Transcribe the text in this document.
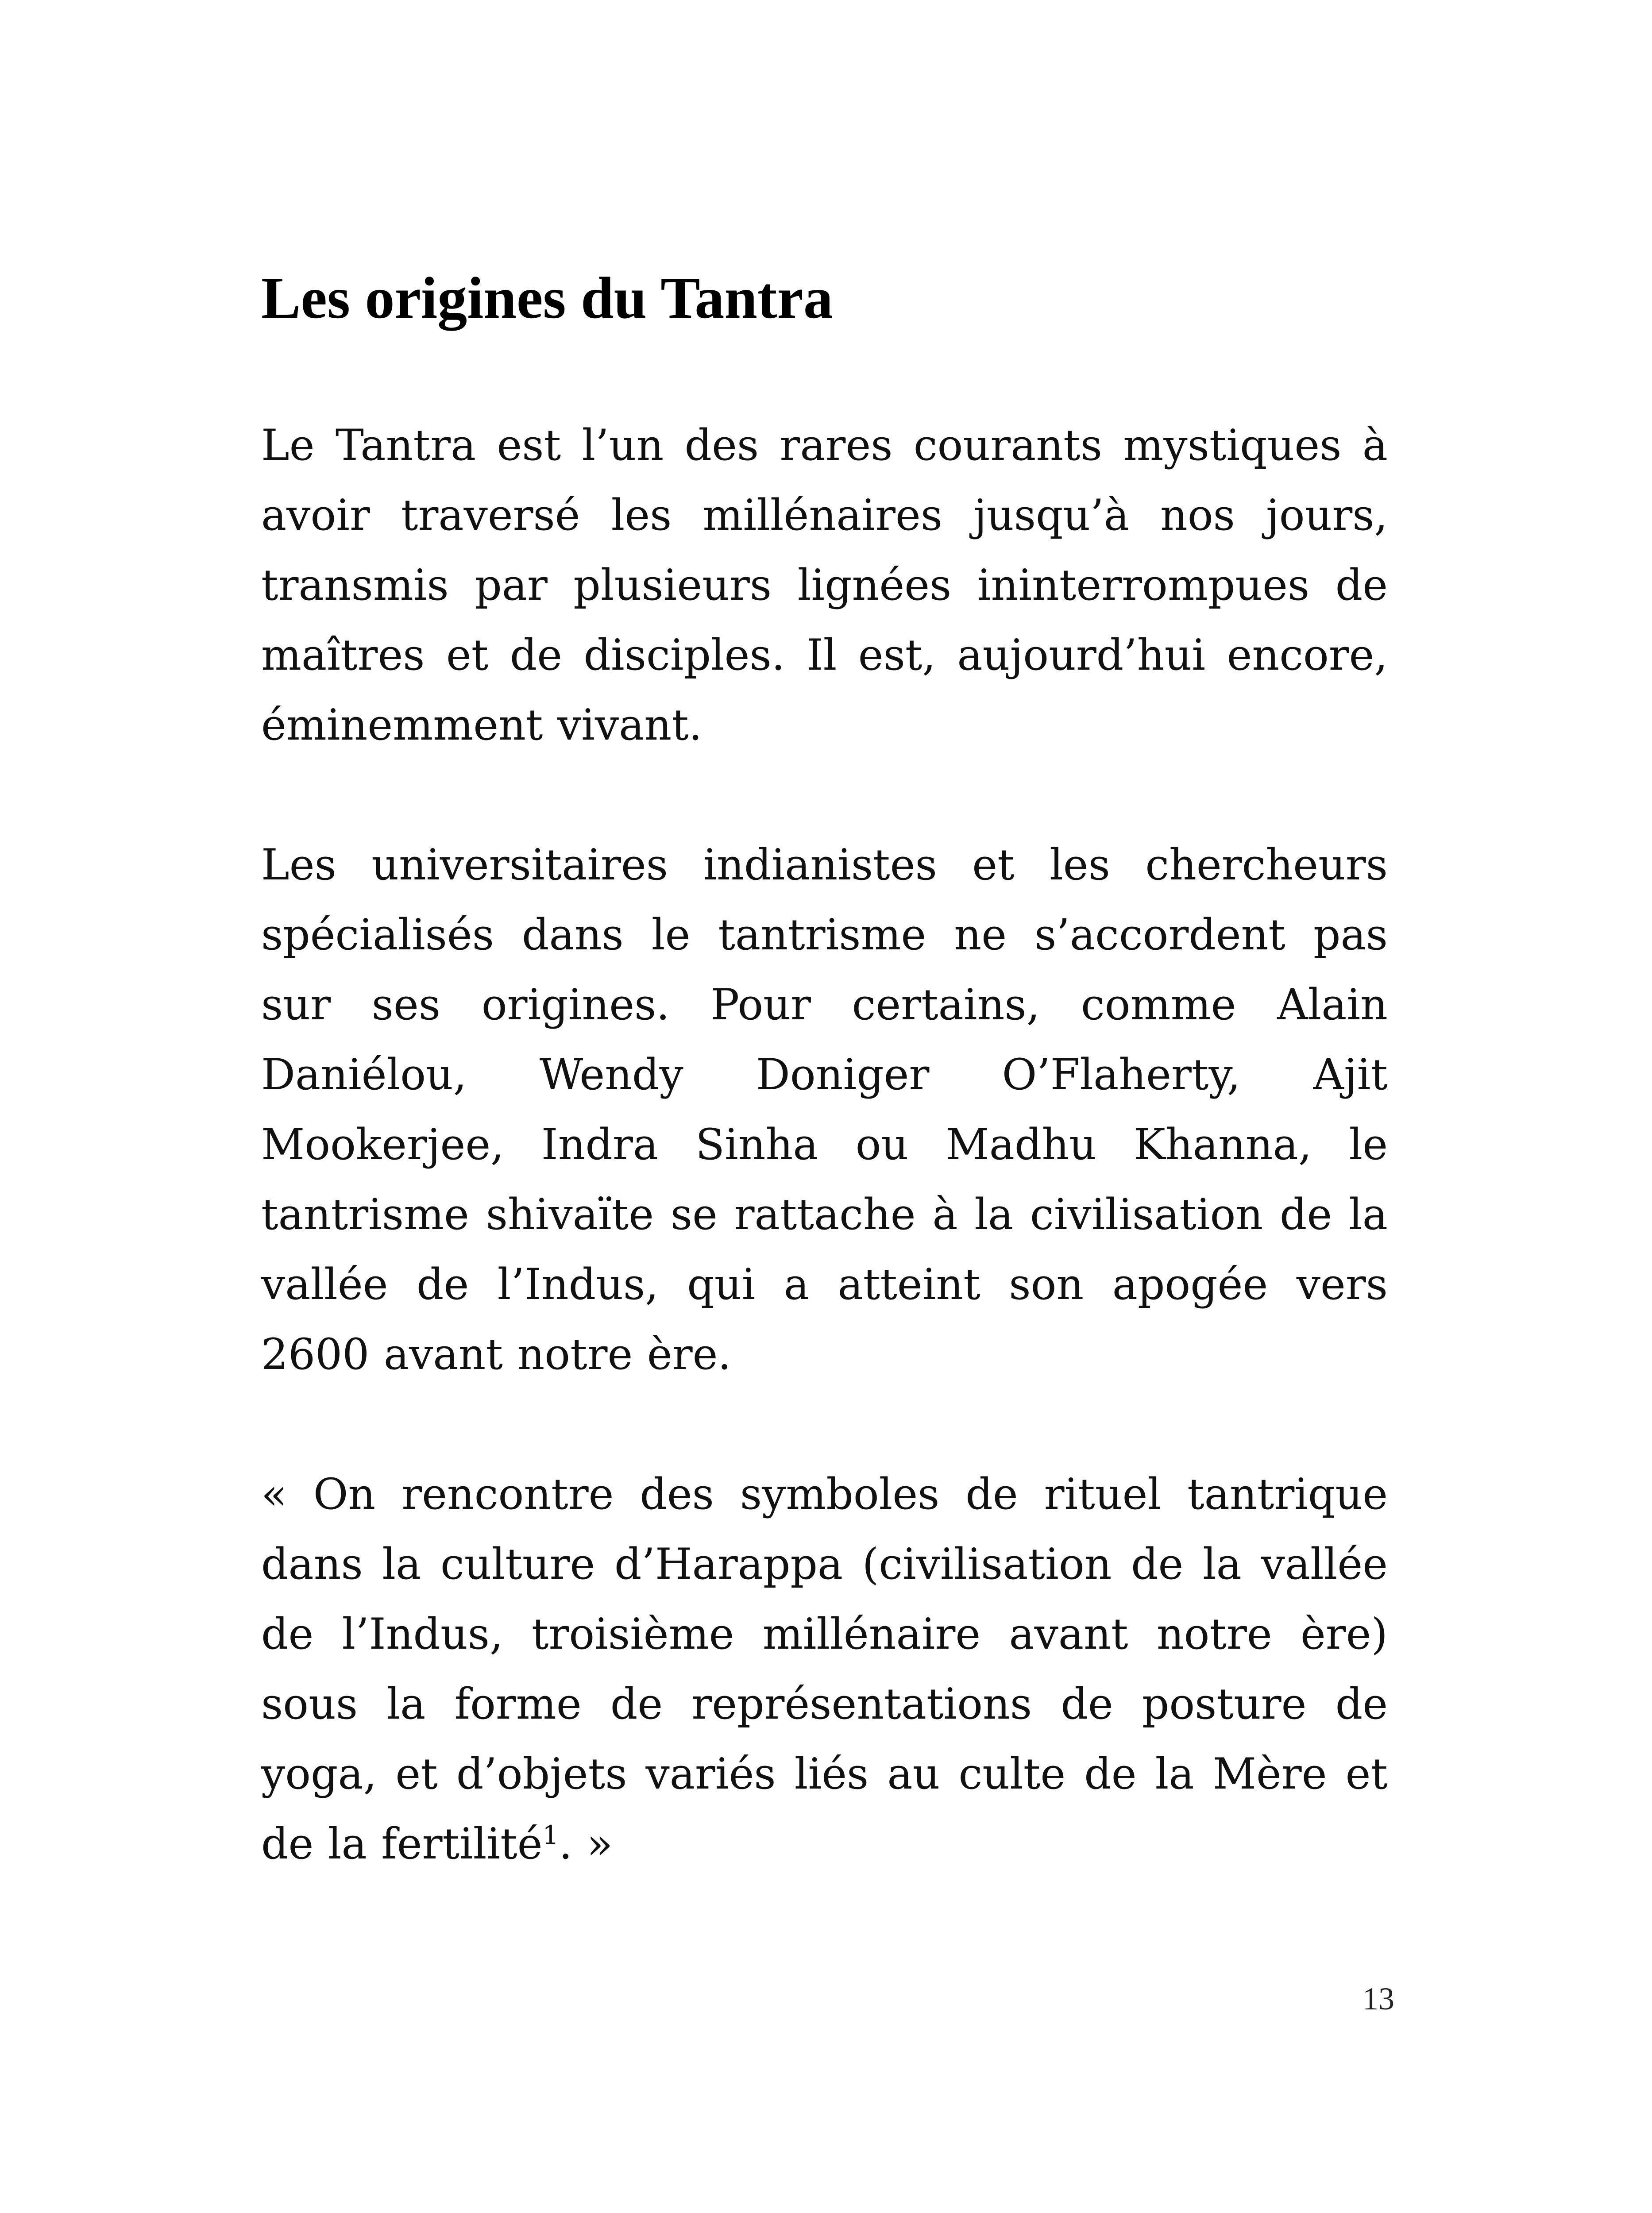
Les origines du Tantra

Le Tantra est l’un des rares courants mystiques à avoir traversé les millénaires jusqu’à nos jours, transmis par plusieurs lignées ininterrompues de maîtres et de disciples. Il est, aujourd’hui encore, éminemment vivant.

Les universitaires indianistes et les chercheurs spécialisés dans le tantrisme ne s’accordent pas sur ses origines. Pour certains, comme Alain Daniélou, Wendy Doniger O’Flaherty, Ajit Mookerjee, Indra Sinha ou Madhu Khanna, le tantrisme shivaïte se rattache à la civilisation de la vallée de l’Indus, qui a atteint son apogée vers 2600 avant notre ère.

« On rencontre des symboles de rituel tantrique dans la culture d’Harappa (civilisation de la vallée de l’Indus, troisième millénaire avant notre ère) sous la forme de représentations de posture de yoga, et d’objets variés liés au culte de la Mère et de la fertilité$^1$. »

13
